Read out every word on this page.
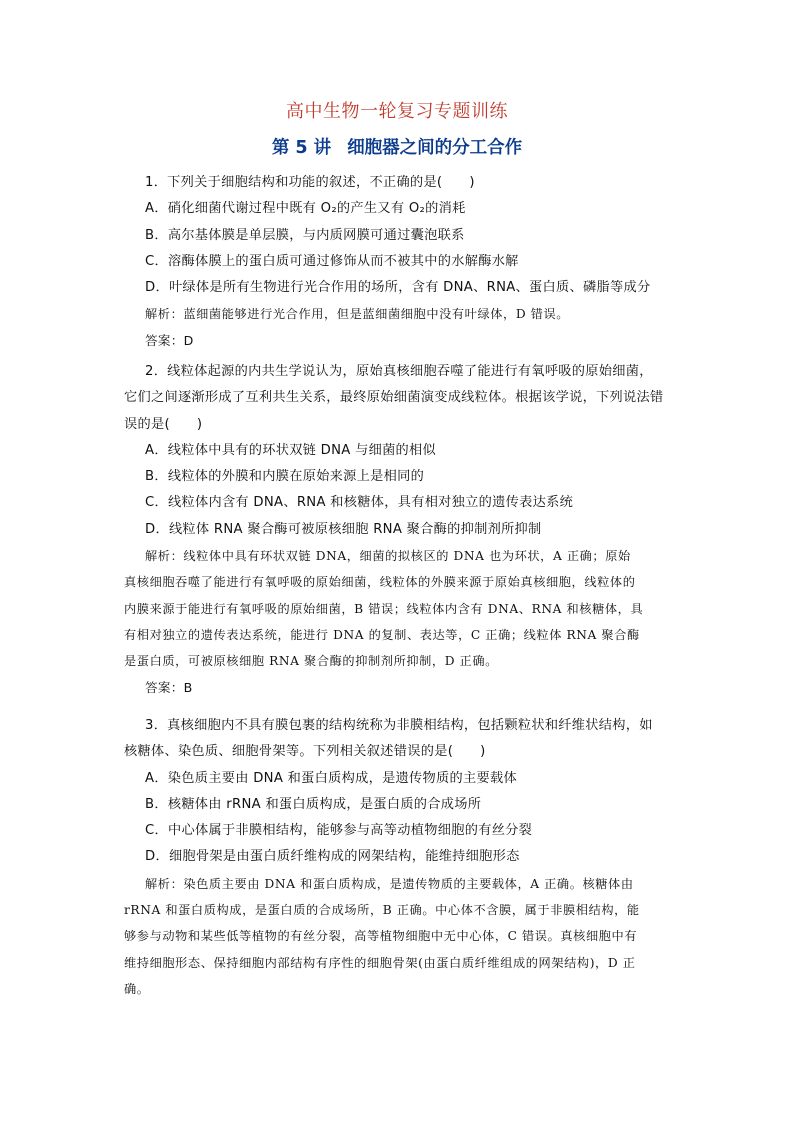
高中生物一轮复习专题训练
第 5 讲 细胞器之间的分工合作

1．下列关于细胞结构和功能的叙述，不正确的是(　　)

A．硝化细菌代谢过程中既有 O₂的产生又有 O₂的消耗

B．高尔基体膜是单层膜，与内质网膜可通过囊泡联系

C．溶酶体膜上的蛋白质可通过修饰从而不被其中的水解酶水解

D．叶绿体是所有生物进行光合作用的场所，含有 DNA、RNA、蛋白质、磷脂等成分

解析：蓝细菌能够进行光合作用，但是蓝细菌细胞中没有叶绿体，D 错误。

答案：D

2．线粒体起源的内共生学说认为，原始真核细胞吞噬了能进行有氧呼吸的原始细菌，

它们之间逐渐形成了互利共生关系，最终原始细菌演变成线粒体。根据该学说，下列说法错

误的是(　　)

A．线粒体中具有的环状双链 DNA 与细菌的相似

B．线粒体的外膜和内膜在原始来源上是相同的

C．线粒体内含有 DNA、RNA 和核糖体，具有相对独立的遗传表达系统

D．线粒体 RNA 聚合酶可被原核细胞 RNA 聚合酶的抑制剂所抑制

解析：线粒体中具有环状双链 DNA，细菌的拟核区的 DNA 也为环状，A 正确；原始
真核细胞吞噬了能进行有氧呼吸的原始细菌，线粒体的外膜来源于原始真核细胞，线粒体的
内膜来源于能进行有氧呼吸的原始细菌，B 错误；线粒体内含有 DNA、RNA 和核糖体，具
有相对独立的遗传表达系统，能进行 DNA 的复制、表达等，C 正确；线粒体 RNA 聚合酶
是蛋白质，可被原核细胞 RNA 聚合酶的抑制剂所抑制，D 正确。

答案：B

3．真核细胞内不具有膜包裹的结构统称为非膜相结构，包括颗粒状和纤维状结构，如

核糖体、染色质、细胞骨架等。下列相关叙述错误的是(　　)

A．染色质主要由 DNA 和蛋白质构成，是遗传物质的主要载体

B．核糖体由 rRNA 和蛋白质构成，是蛋白质的合成场所

C．中心体属于非膜相结构，能够参与高等动植物细胞的有丝分裂

D．细胞骨架是由蛋白质纤维构成的网架结构，能维持细胞形态

解析：染色质主要由 DNA 和蛋白质构成，是遗传物质的主要载体，A 正确。核糖体由
rRNA 和蛋白质构成，是蛋白质的合成场所，B 正确。中心体不含膜，属于非膜相结构，能
够参与动物和某些低等植物的有丝分裂，高等植物细胞中无中心体，C 错误。真核细胞中有
维持细胞形态、保持细胞内部结构有序性的细胞骨架(由蛋白质纤维组成的网架结构)，D 正
确。
